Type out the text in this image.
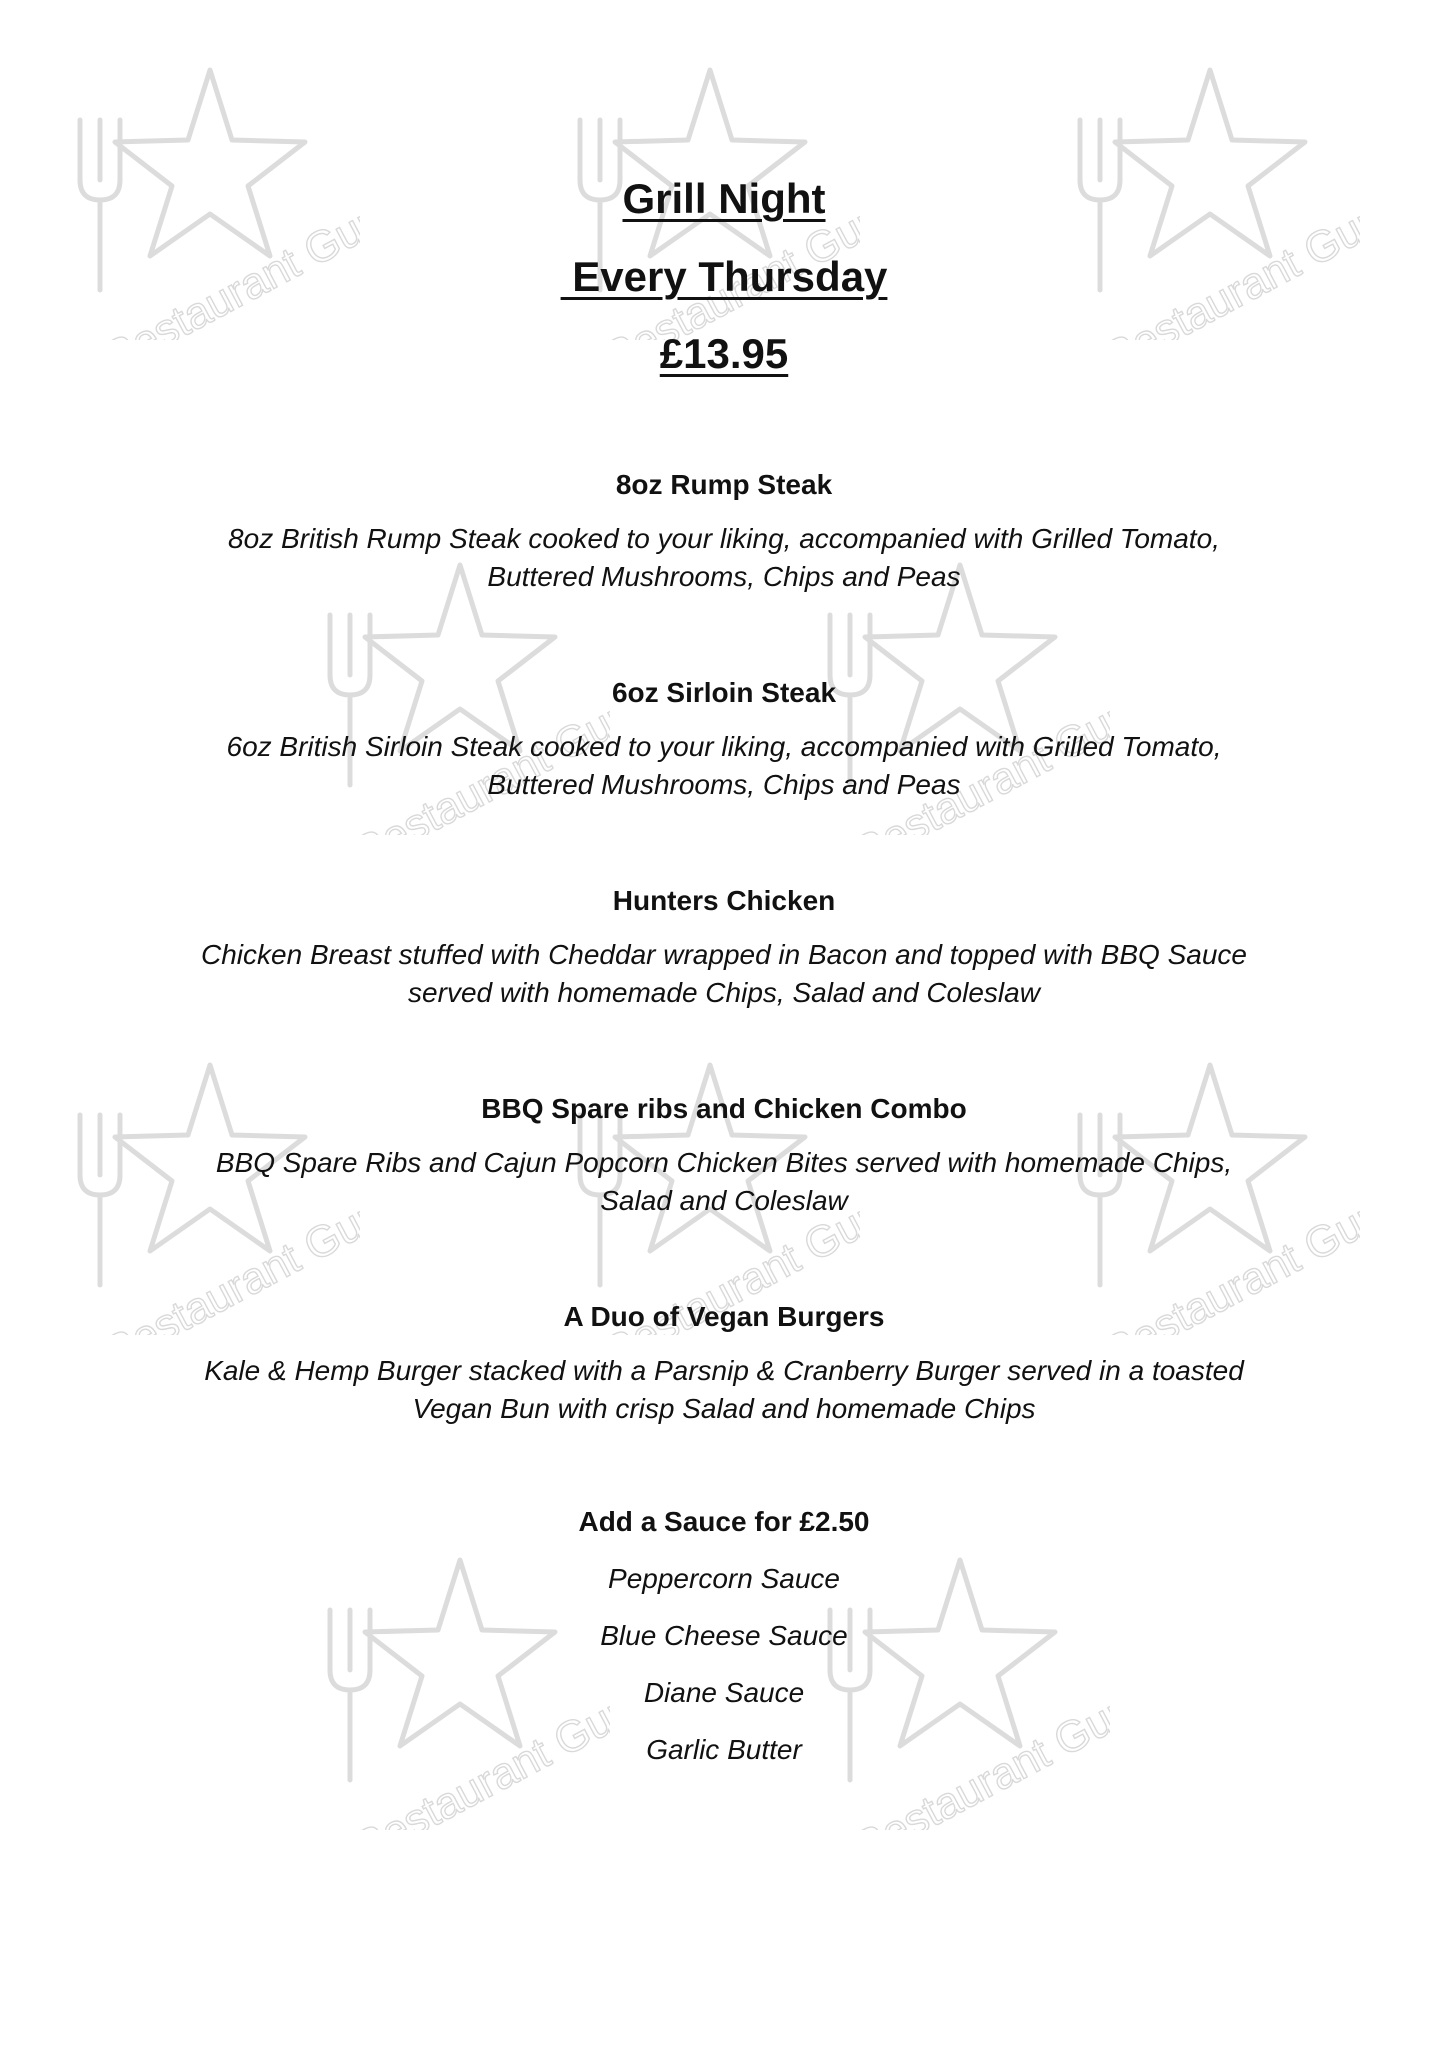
Restaurant Guru
Restaurant Guru
Restaurant Guru
Restaurant Guru
Restaurant Guru
Restaurant Guru
Restaurant Guru
Restaurant Guru
Restaurant Guru
Restaurant Guru
Grill Night
Every Thursday
£13.95
8oz Rump Steak
8oz British Rump Steak cooked to your liking, accompanied with Grilled Tomato,
Buttered Mushrooms, Chips and Peas
6oz Sirloin Steak
6oz British Sirloin Steak cooked to your liking, accompanied with Grilled Tomato,
Buttered Mushrooms, Chips and Peas
Hunters Chicken
Chicken Breast stuffed with Cheddar wrapped in Bacon and topped with BBQ Sauce
served with homemade Chips, Salad and Coleslaw
BBQ Spare ribs and Chicken Combo
BBQ Spare Ribs and Cajun Popcorn Chicken Bites served with homemade Chips,
Salad and Coleslaw
A Duo of Vegan Burgers
Kale & Hemp Burger stacked with a Parsnip & Cranberry Burger served in a toasted
Vegan Bun with crisp Salad and homemade Chips
Add a Sauce for £2.50
Peppercorn Sauce
Blue Cheese Sauce
Diane Sauce
Garlic Butter
